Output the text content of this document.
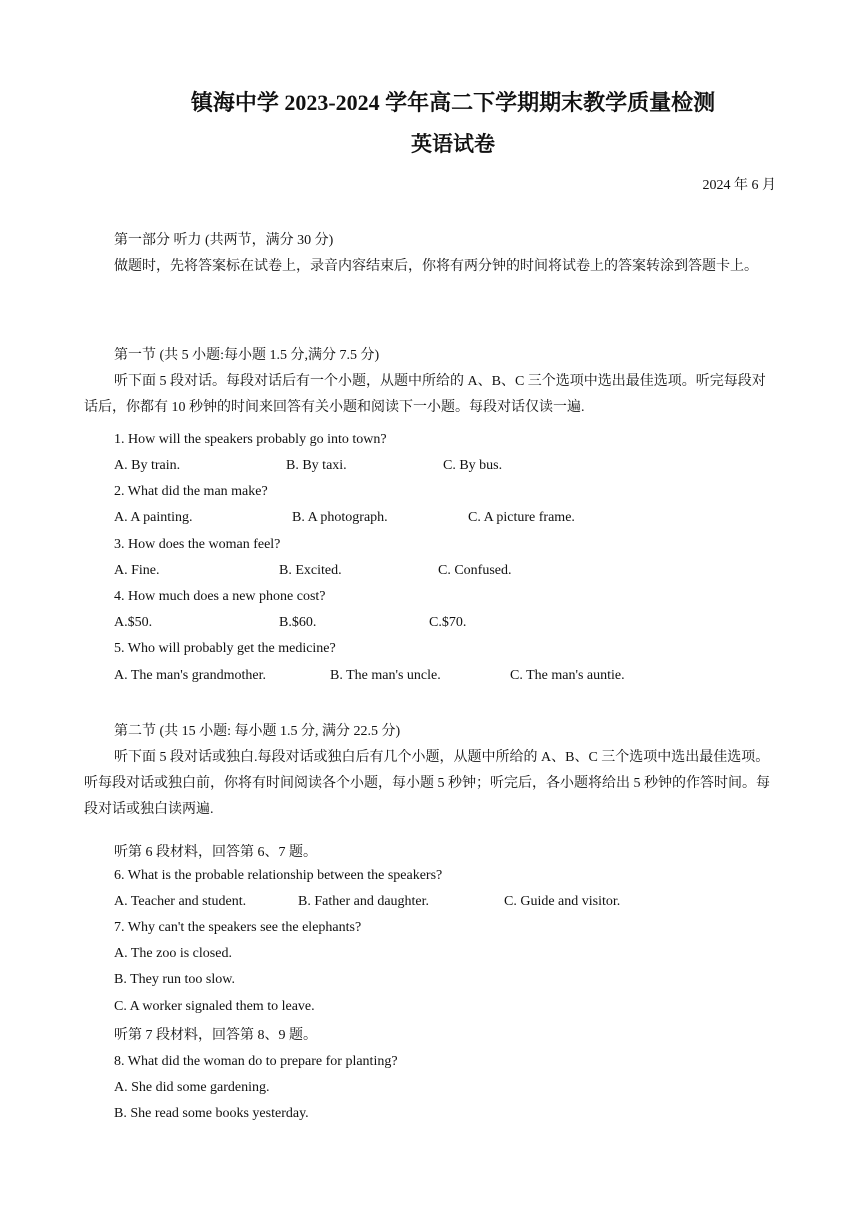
镇海中学 2023-2024 学年高二下学期期末教学质量检测
英语试卷
2024 年 6 月
第一部分 听力 (共两节，满分 30 分)
做题时，先将答案标在试卷上，录音内容结束后，你将有两分钟的时间将试卷上的答案转涂到答题卡上。
第一节 (共 5 小题:每小题 1.5 分,满分 7.5 分)
听下面 5 段对话。每段对话后有一个小题，从题中所给的 A、B、C 三个选项中选出最佳选项。听完每段对话后，你都有 10 秒钟的时间来回答有关小题和阅读下一小题。每段对话仅读一遍.
1. How will the speakers probably go into town?
A. By train.	B. By taxi.	C. By bus.
2. What did the man make?
A. A painting.	B. A photograph.	C. A picture frame.
3. How does the woman feel?
A. Fine.	B. Excited.	C. Confused.
4. How much does a new phone cost?
A.$50.	B.$60.	C.$70.
5. Who will probably get the medicine?
A. The man's grandmother.	B. The man's uncle.	C. The man's auntie.
第二节 (共 15 小题: 每小题 1.5 分, 满分 22.5 分)
听下面 5 段对话或独白.每段对话或独白后有几个小题，从题中所给的 A、B、C 三个选项中选出最佳选项。听每段对话或独白前，你将有时间阅读各个小题，每小题 5 秒钟；听完后，各小题将给出 5 秒钟的作答时间。每段对话或独白读两遍.
听第 6 段材料，回答第 6、7 题。
6. What is the probable relationship between the speakers?
A. Teacher and student.	B. Father and daughter.	C. Guide and visitor.
7. Why can't the speakers see the elephants?
A. The zoo is closed.
B. They run too slow.
C. A worker signaled them to leave.
听第 7 段材料，回答第 8、9 题。
8. What did the woman do to prepare for planting?
A. She did some gardening.
B. She read some books yesterday.
